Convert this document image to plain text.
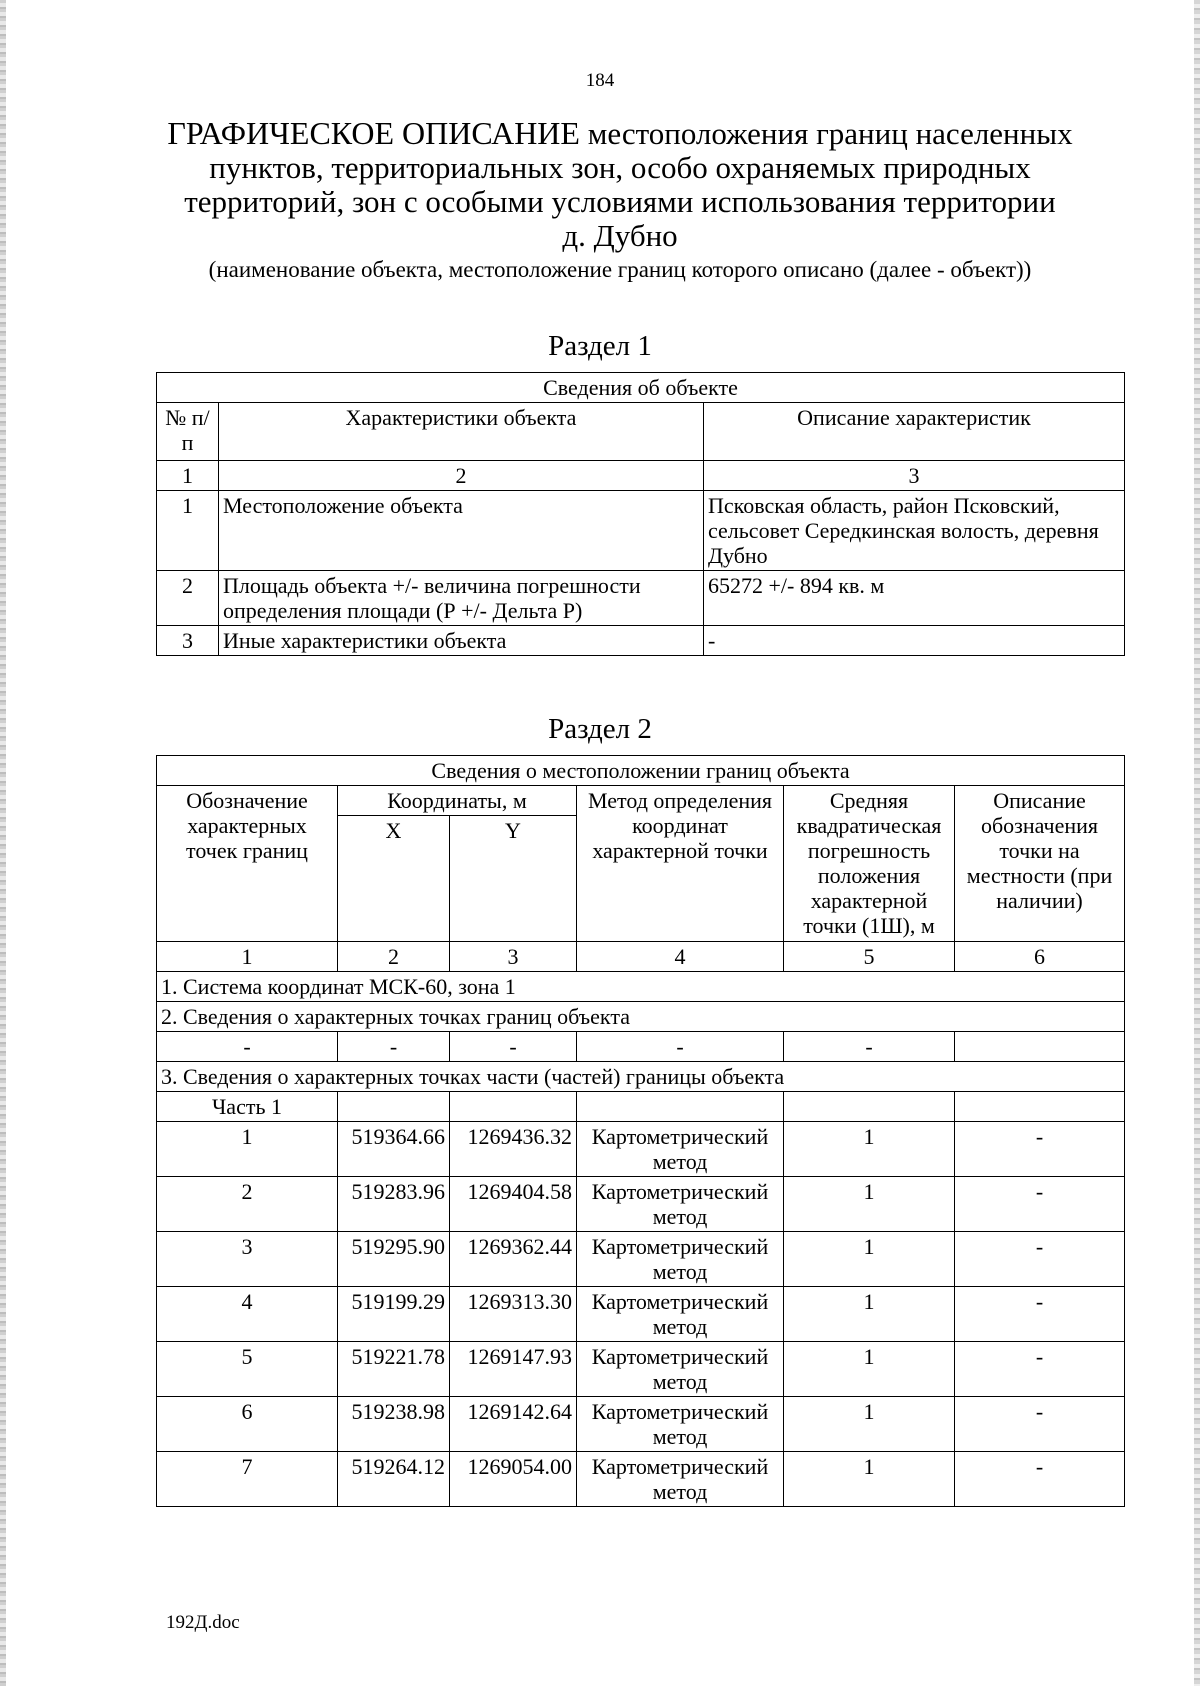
184
ГРАФИЧЕСКОЕ ОПИСАНИЕ местоположения границ населенных
пунктов, территориальных зон, особо охраняемых природных
территорий, зон с особыми условиями использования территории
д. Дубно
(наименование объекта, местоположение границ которого описано (далее - объект))
Раздел 1
Сведения об объекте		
№ п/п	Характеристики объекта	Описание характеристик
1	2	3
1	Местоположение объекта	Псковская область, район Псковский, сельсовет Середкинская волость, деревня Дубно
2	Площадь объекта +/- величина погрешности определения площади (Р +/- Дельта Р)	65272 +/- 894 кв. м
3	Иные характеристики объекта	-
Раздел 2
Сведения о местоположении границ объекта					
Обозначение характерных точек границ	Координаты, м		Метод определения координат характерной точки	Средняя квадратическая погрешность положения характерной точки (1Ш), м	Описание обозначения точки на местности (при наличии)
	X	Y			
1	2	3	4	5	6
1. Система координат МСК-60, зона 1					
2. Сведения о характерных точках границ объекта					
-	-	-	-	-	
3. Сведения о характерных точках части (частей) границы объекта					
Часть 1					
1	519364.66	1269436.32	Картометрический метод	1	-
2	519283.96	1269404.58	Картометрический метод	1	-
3	519295.90	1269362.44	Картометрический метод	1	-
4	519199.29	1269313.30	Картометрический метод	1	-
5	519221.78	1269147.93	Картометрический метод	1	-
6	519238.98	1269142.64	Картометрический метод	1	-
7	519264.12	1269054.00	Картометрический метод	1	-
192Д.doc
